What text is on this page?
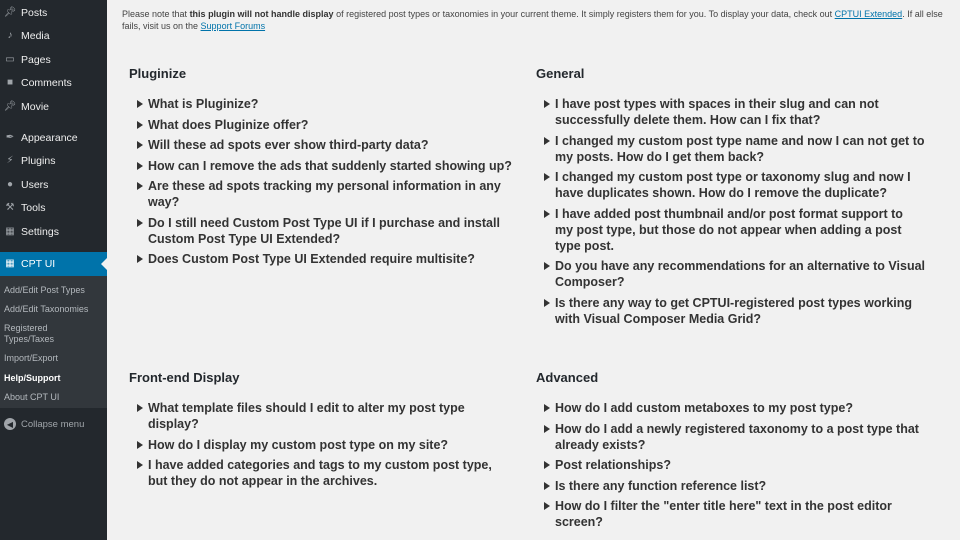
📌︎ Posts
♪ Media
▭ Pages
■ Comments
📌︎ Movie
✒ Appearance
⚡︎ Plugins
● Users
⚒︎ Tools
▦ Settings
▦ CPT UI
Add/Edit Post Types
Add/Edit Taxonomies
Registered Types/Taxes
Import/Export
Help/Support
About CPT UI
◀ Collapse menu

Please note that this plugin will not handle display of registered post types or taxonomies in your current theme. It simply registers them for you. To display your data, check out CPTUI Extended. If all else fails, visit us on the Support Forums

Pluginize
What is Pluginize?
What does Pluginize offer?
Will these ad spots ever show third-party data?
How can I remove the ads that suddenly started showing up?
Are these ad spots tracking my personal information in any way?
Do I still need Custom Post Type UI if I purchase and install Custom Post Type UI Extended?
Does Custom Post Type UI Extended require multisite?
General
I have post types with spaces in their slug and can not successfully delete them. How can I fix that?
I changed my custom post type name and now I can not get to my posts. How do I get them back?
I changed my custom post type or taxonomy slug and now I have duplicates shown. How do I remove the duplicate?
I have added post thumbnail and/or post format support to my post type, but those do not appear when adding a post type post.
Do you have any recommendations for an alternative to Visual Composer?
Is there any way to get CPTUI-registered post types working with Visual Composer Media Grid?
Front-end Display
What template files should I edit to alter my post type display?
How do I display my custom post type on my site?
I have added categories and tags to my custom post type, but they do not appear in the archives.
Advanced
How do I add custom metaboxes to my post type?
How do I add a newly registered taxonomy to a post type that already exists?
Post relationships?
Is there any function reference list?
How do I filter the "enter title here" text in the post editor screen?
